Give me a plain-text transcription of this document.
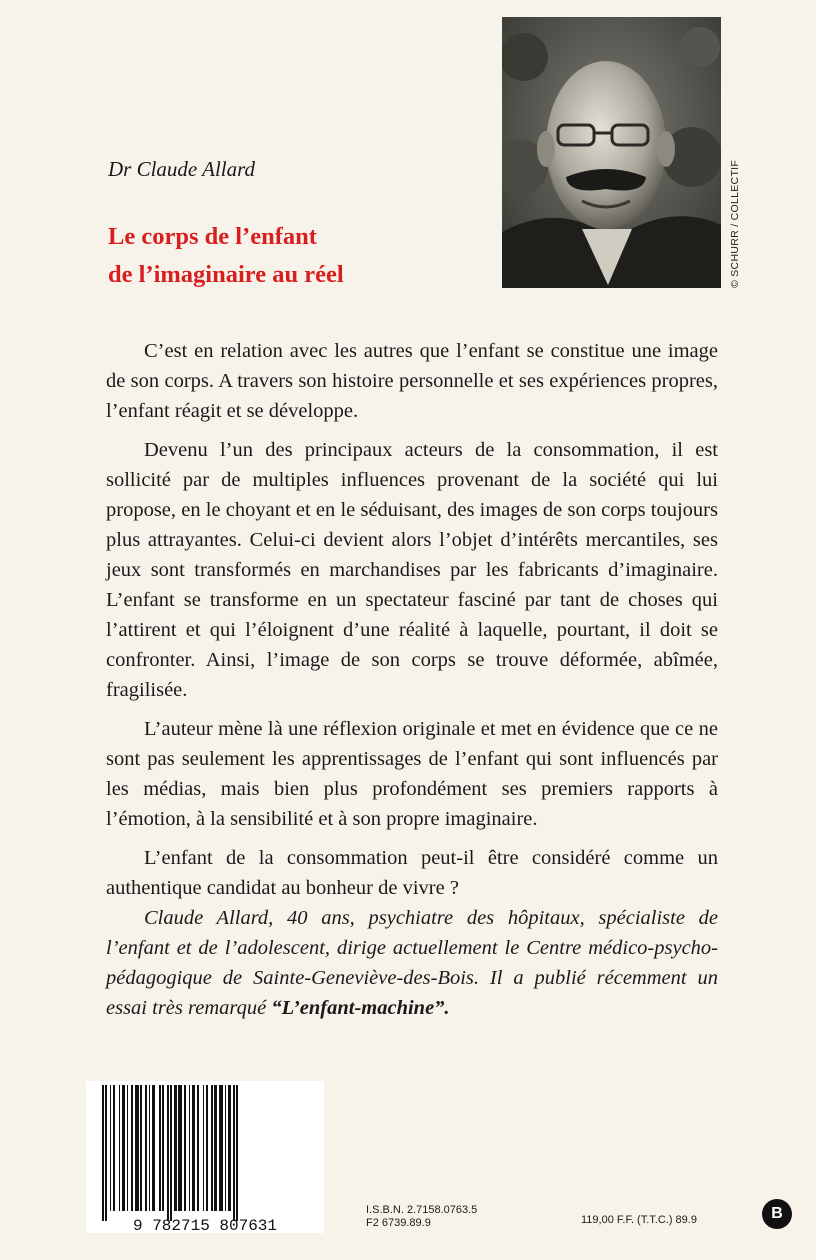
Dr Claude Allard
Le corps de l’enfant
de l’imaginaire au réel	© SCHURR / COLLECTIF

C’est en relation avec les autres que l’enfant se constitue une image de son corps. A travers son histoire personnelle et ses expériences propres, l’enfant réagit et se développe.

Devenu l’un des principaux acteurs de la consommation, il est sollicité par de multiples influences provenant de la société qui lui propose, en le choyant et en le séduisant, des images de son corps toujours plus attrayantes. Celui-ci devient alors l’objet d’intérêts mercantiles, ses jeux sont transformés en marchandises par les fabricants d’imaginaire. L’enfant se transforme en un spectateur fasciné par tant de choses qui l’attirent et qui l’éloignent d’une réalité à laquelle, pourtant, il doit se confronter. Ainsi, l’image de son corps se trouve déformée, abîmée, fragilisée.

L’auteur mène là une réflexion originale et met en évidence que ce ne sont pas seulement les apprentissages de l’enfant qui sont influencés par les médias, mais bien plus profondément ses premiers rapports à l’émotion, à la sensibilité et à son propre imaginaire.

L’enfant de la consommation peut-il être considéré comme un authentique candidat au bonheur de vivre ?

Claude Allard, 40 ans, psychiatre des hôpitaux, spécialiste de l’enfant et de l’adolescent, dirige actuellement le Centre médico-psycho-pédagogique de Sainte-Geneviève-des-Bois. Il a publié récemment un essai très remarqué “L’enfant-machine”.
9 782715 807631
I.S.B.N. 2.7158.0763.5
F2 6739.89.9	119,00 F.F. (T.T.C.) 89.9	B
